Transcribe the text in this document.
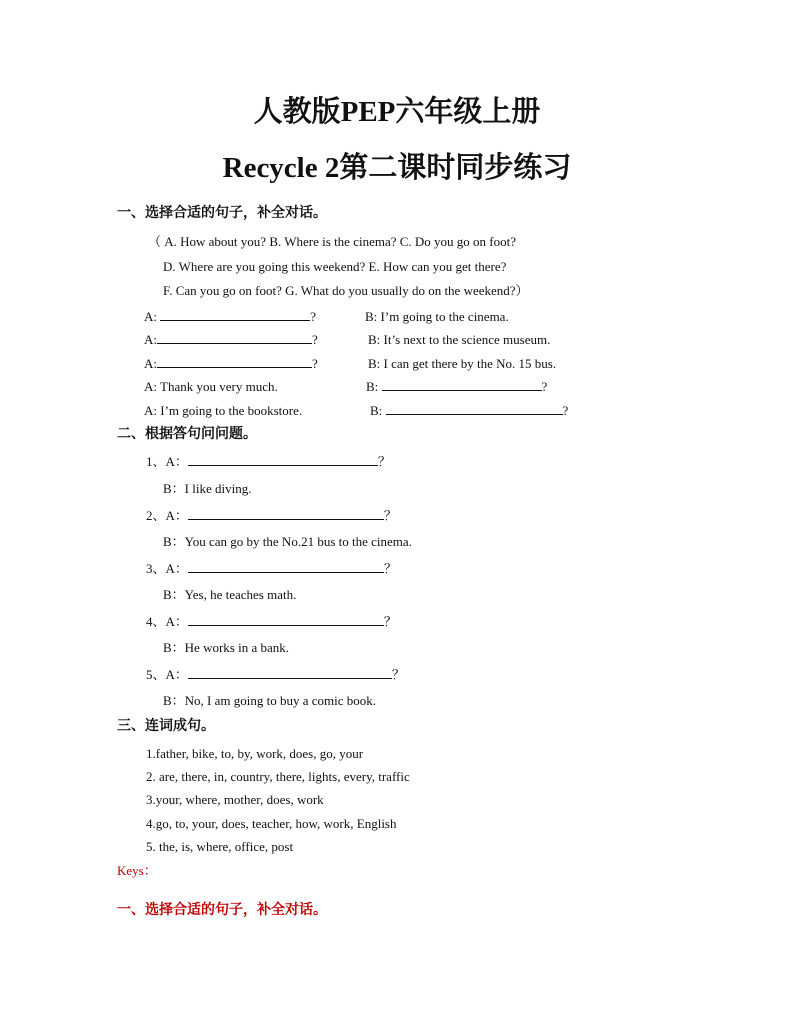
人教版PEP六年级上册
Recycle 2第二课时同步练习
一、选择合适的句子，补全对话。
（ A. How about you? B. Where is the cinema? C. Do you go on foot?
D. Where are you going this weekend? E. How can you get there?
F. Can you go on foot? G. What do you usually do on the weekend?）
A:	?	B: I’m going to the cinema.
A:	?	B: It’s next to the science museum.
A:	?	B: I can get there by the No. 15 bus.
A: Thank you very much.	B:	?
A: I’m going to the bookstore.	B:	?
二、根据答句问问题。
1、A：	？
B：I like diving.
2、A：	？
B：You can go by the No.21 bus to the cinema.
3、A：	？
B：Yes, he teaches math.
4、A：	？
B：He works in a bank.
5、A：	？
B：No, I am going to buy a comic book.
三、连词成句。
1.father, bike, to, by, work, does, go, your
2. are, there, in, country, there, lights, every, traffic
3.your, where, mother, does, work
4.go, to, your, does, teacher, how, work, English
5. the, is, where, office, post
Keys：
一、选择合适的句子，补全对话。
